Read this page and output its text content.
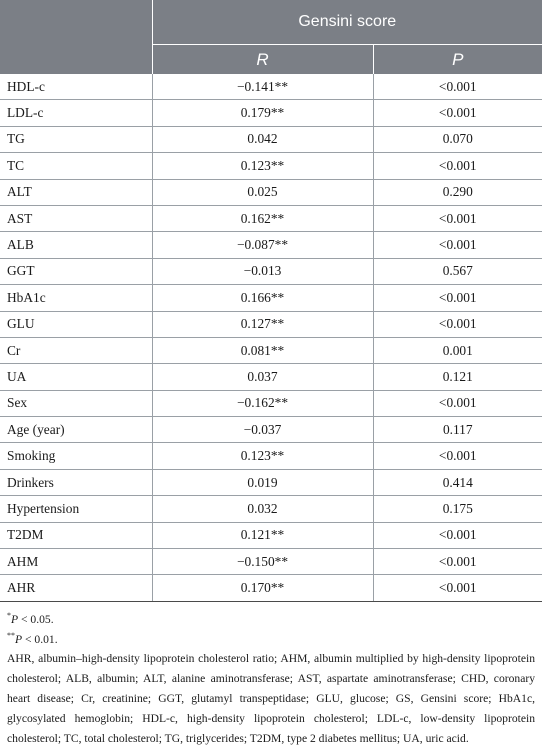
	Gensini score	
	R	P
HDL-c	−0.141**	<0.001
LDL-c	0.179**	<0.001
TG	0.042	0.070
TC	0.123**	<0.001
ALT	0.025	0.290
AST	0.162**	<0.001
ALB	−0.087**	<0.001
GGT	−0.013	0.567
HbA1c	0.166**	<0.001
GLU	0.127**	<0.001
Cr	0.081**	0.001
UA	0.037	0.121
Sex	−0.162**	<0.001
Age (year)	−0.037	0.117
Smoking	0.123**	<0.001
Drinkers	0.019	0.414
Hypertension	0.032	0.175
T2DM	0.121**	<0.001
AHM	−0.150**	<0.001
AHR	0.170**	<0.001

*P < 0.05.

**P < 0.01.

AHR, albumin–high-density lipoprotein cholesterol ratio; AHM, albumin multiplied by high-density lipoprotein cholesterol; ALB, albumin; ALT, alanine aminotransferase; AST, aspartate aminotransferase; CHD, coronary heart disease; Cr, creatinine; GGT, glutamyl transpeptidase; GLU, glucose; GS, Gensini score; HbA1c, glycosylated hemoglobin; HDL-c, high-density lipoprotein cholesterol; LDL-c, low-density lipoprotein cholesterol; TC, total cholesterol; TG, triglycerides; T2DM, type 2 diabetes mellitus; UA, uric acid.
